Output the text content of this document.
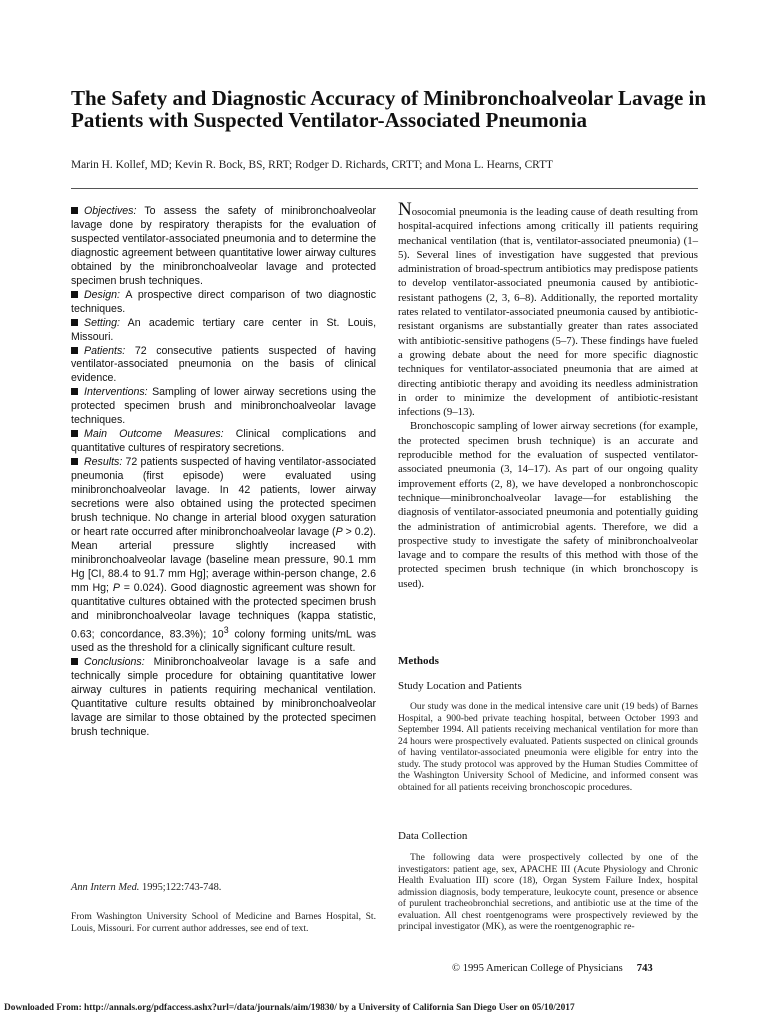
The Safety and Diagnostic Accuracy of Minibronchoalveolar Lavage in Patients with Suspected Ventilator-Associated Pneumonia
Marin H. Kollef, MD; Kevin R. Bock, BS, RRT; Rodger D. Richards, CRTT; and Mona L. Hearns, CRTT

Objectives: To assess the safety of minibronchoalveolar lavage done by respiratory therapists for the evaluation of suspected ventilator-associated pneumonia and to determine the diagnostic agreement between quantitative lower airway cultures obtained by the minibronchoalveolar lavage and protected specimen brush techniques.

Design: A prospective direct comparison of two diagnostic techniques.

Setting: An academic tertiary care center in St. Louis, Missouri.

Patients: 72 consecutive patients suspected of having ventilator-associated pneumonia on the basis of clinical evidence.

Interventions: Sampling of lower airway secretions using the protected specimen brush and minibronchoalveolar lavage techniques.

Main Outcome Measures: Clinical complications and quantitative cultures of respiratory secretions.

Results: 72 patients suspected of having ventilator-associated pneumonia (first episode) were evaluated using minibronchoalveolar lavage. In 42 patients, lower airway secretions were also obtained using the protected specimen brush technique. No change in arterial blood oxygen saturation or heart rate occurred after minibronchoalveolar lavage (P > 0.2). Mean arterial pressure slightly increased with minibronchoalveolar lavage (baseline mean pressure, 90.1 mm Hg [CI, 88.4 to 91.7 mm Hg]; average within-person change, 2.6 mm Hg; P = 0.024). Good diagnostic agreement was shown for quantitative cultures obtained with the protected specimen brush and minibronchoalveolar lavage techniques (kappa statistic, 0.63; concordance, 83.3%); $10^3$ colony forming units/mL was used as the threshold for a clinically significant culture result.

Conclusions: Minibronchoalveolar lavage is a safe and technically simple procedure for obtaining quantitative lower airway cultures in patients requiring mechanical ventilation. Quantitative culture results obtained by minibronchoalveolar lavage are similar to those obtained by the protected specimen brush technique.

Ann Intern Med. 1995;122:743-748.
From Washington University School of Medicine and Barnes Hospital, St. Louis, Missouri. For current author addresses, see end of text.

Nosocomial pneumonia is the leading cause of death resulting from hospital-acquired infections among critically ill patients requiring mechanical ventilation (that is, ventilator-associated pneumonia) (1–5). Several lines of investigation have suggested that previous administration of broad-spectrum antibiotics may predispose patients to develop ventilator-associated pneumonia caused by antibiotic-resistant pathogens (2, 3, 6–8). Additionally, the reported mortality rates related to ventilator-associated pneumonia caused by antibiotic-resistant organisms are substantially greater than rates associated with antibiotic-sensitive pathogens (5–7). These findings have fueled a growing debate about the need for more specific diagnostic techniques for ventilator-associated pneumonia that are aimed at directing antibiotic therapy and avoiding its needless administration in order to minimize the development of antibiotic-resistant infections (9–13).

Bronchoscopic sampling of lower airway secretions (for example, the protected specimen brush technique) is an accurate and reproducible method for the evaluation of suspected ventilator-associated pneumonia (3, 14–17). As part of our ongoing quality improvement efforts (2, 8), we have developed a nonbronchoscopic technique—minibronchoalveolar lavage—for establishing the diagnosis of ventilator-associated pneumonia and potentially guiding the administration of antimicrobial agents. Therefore, we did a prospective study to investigate the safety of minibronchoalveolar lavage and to compare the results of this method with those of the protected specimen brush technique (in which bronchoscopy is used).

Methods
Study Location and Patients

Our study was done in the medical intensive care unit (19 beds) of Barnes Hospital, a 900-bed private teaching hospital, between October 1993 and September 1994. All patients receiving mechanical ventilation for more than 24 hours were prospectively evaluated. Patients suspected on clinical grounds of having ventilator-associated pneumonia were eligible for entry into the study. The study protocol was approved by the Human Studies Committee of the Washington University School of Medicine, and informed consent was obtained for all patients receiving bronchoscopic procedures.

Data Collection

The following data were prospectively collected by one of the investigators: patient age, sex, APACHE III (Acute Physiology and Chronic Health Evaluation III) score (18), Organ System Failure Index, hospital admission diagnosis, body temperature, leukocyte count, presence or absence of purulent tracheobronchial secretions, and antibiotic use at the time of the evaluation. All chest roentgenograms were prospectively reviewed by the principal investigator (MK), as were the roentgenographic re-

© 1995 American College of Physicians 743
Downloaded From: http://annals.org/pdfaccess.ashx?url=/data/journals/aim/19830/ by a University of California San Diego User on 05/10/2017
